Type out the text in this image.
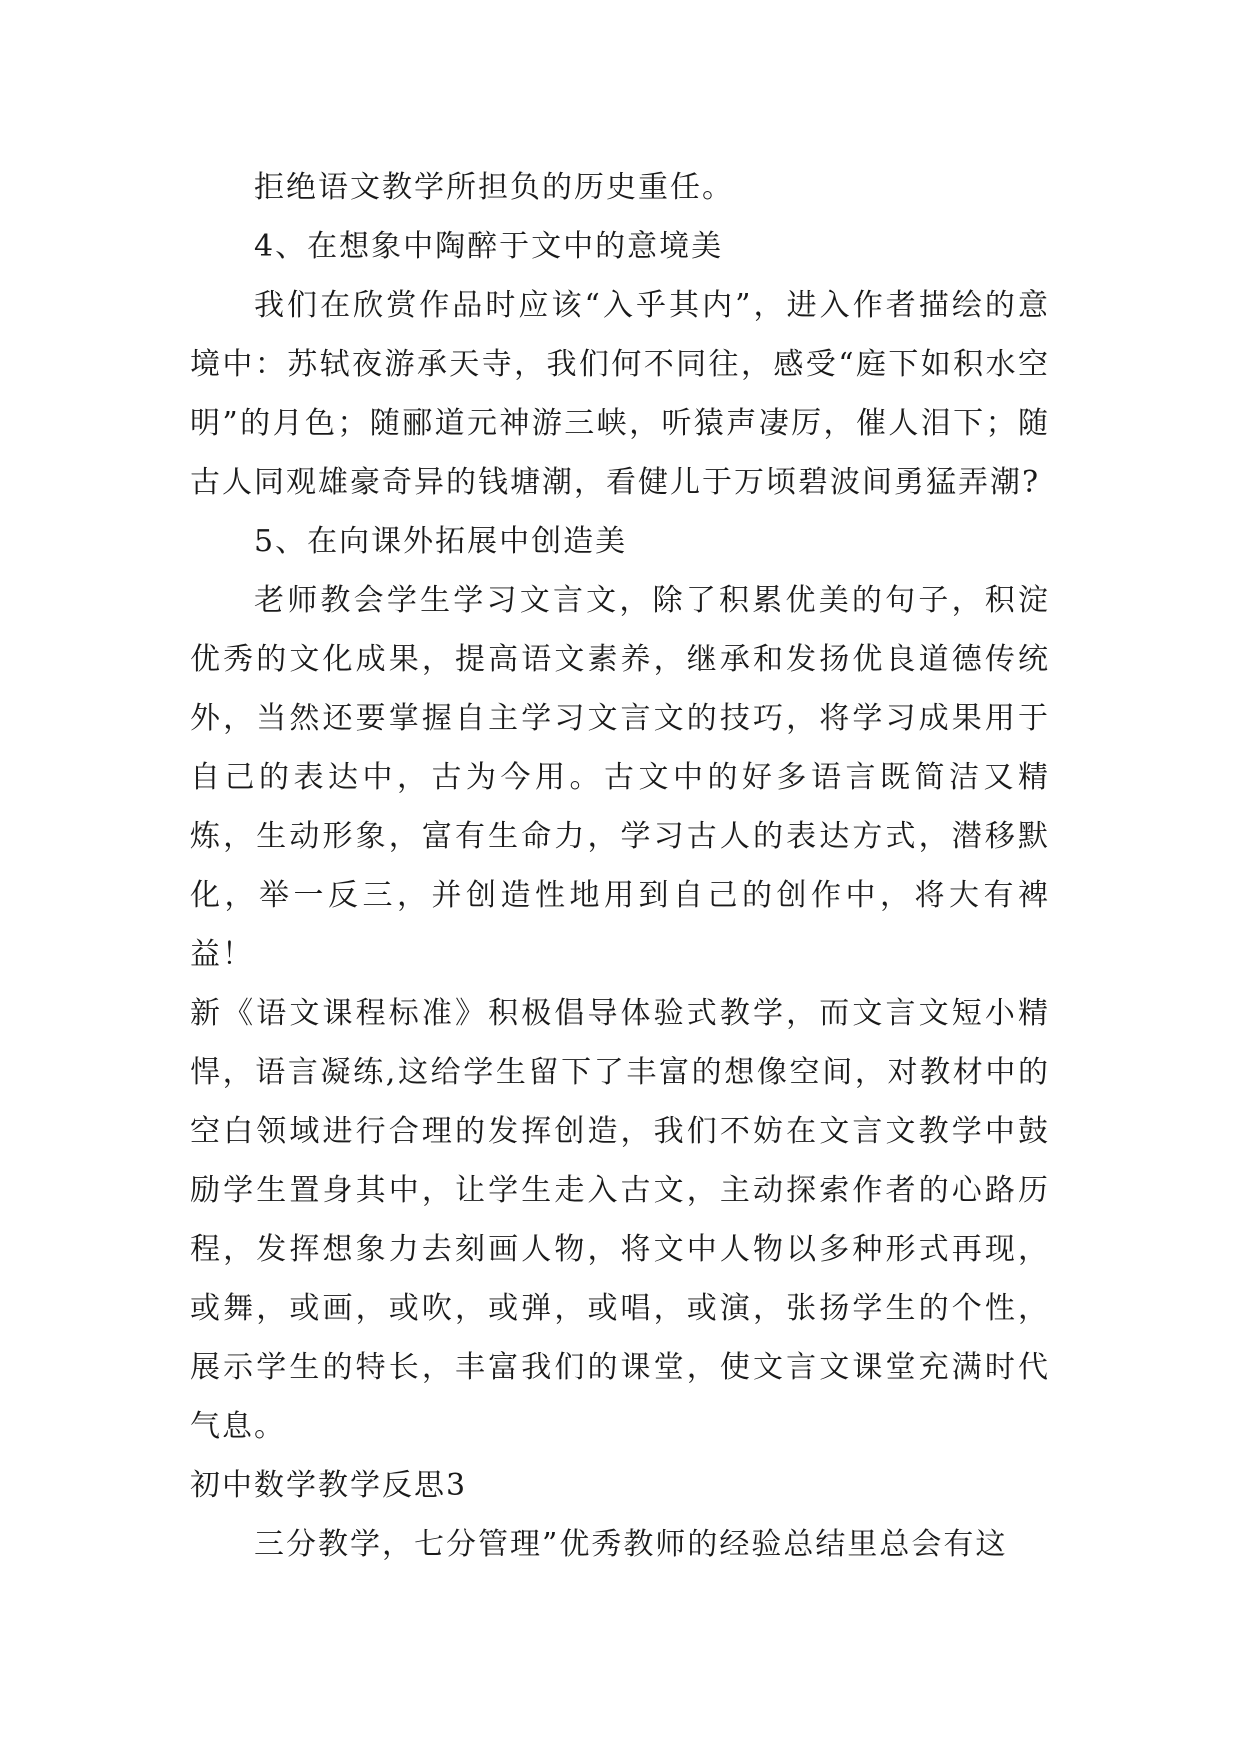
拒绝语文教学所担负的历史重任。

4、在想象中陶醉于文中的意境美

我们在欣赏作品时应该“入乎其内”，进入作者描绘的意境中：苏轼夜游承天寺，我们何不同往，感受“庭下如积水空明”的月色；随郦道元神游三峡，听猿声凄厉，催人泪下；随古人同观雄豪奇异的钱塘潮，看健儿于万顷碧波间勇猛弄潮?

5、在向课外拓展中创造美

老师教会学生学习文言文，除了积累优美的句子，积淀优秀的文化成果，提高语文素养，继承和发扬优良道德传统外，当然还要掌握自主学习文言文的技巧，将学习成果用于自己的表达中，古为今用。古文中的好多语言既简洁又精炼，生动形象，富有生命力，学习古人的表达方式，潜移默化，举一反三，并创造性地用到自己的创作中，将大有裨益！

新《语文课程标准》积极倡导体验式教学，而文言文短小精悍，语言凝练,这给学生留下了丰富的想像空间，对教材中的空白领域进行合理的发挥创造，我们不妨在文言文教学中鼓励学生置身其中，让学生走入古文，主动探索作者的心路历程，发挥想象力去刻画人物，将文中人物以多种形式再现，或舞，或画，或吹，或弹，或唱，或演，张扬学生的个性，展示学生的特长，丰富我们的课堂，使文言文课堂充满时代气息。

初中数学教学反思3

三分教学，七分管理”优秀教师的经验总结里总会有这
